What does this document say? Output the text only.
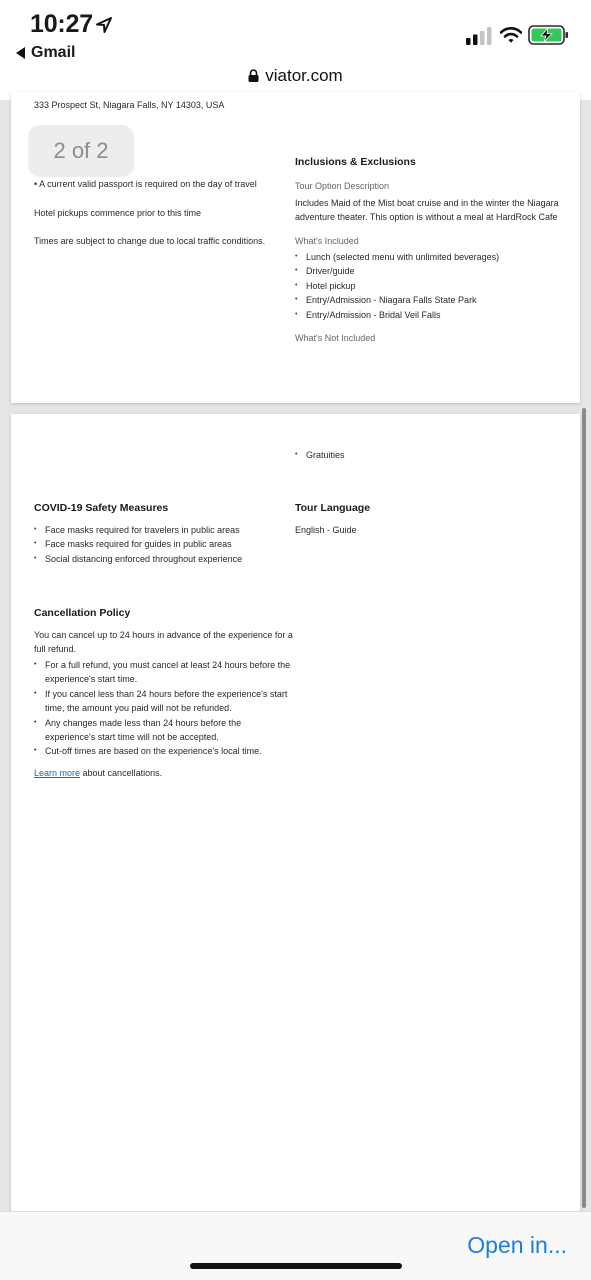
10:27
Gmail
viator.com
333 Prospect St, Niagara Falls, NY 14303, USA
• A current valid passport is required on the day of travel
Hotel pickups commence prior to this time
Times are subject to change due to local traffic conditions.
Inclusions & Exclusions
Tour Option Description
Includes Maid of the Mist boat cruise and in the winter the Niagara
adventure theater. This option is without a meal at HardRock Cafe
What's Included
• Lunch (selected menu with unlimited beverages)
• Driver/guide
• Hotel pickup
• Entry/Admission - Niagara Falls State Park
• Entry/Admission - Bridal Veil Falls
What's Not Included
2 of 2
• Gratuities
COVID-19 Safety Measures
• Face masks required for travelers in public areas
• Face masks required for guides in public areas
• Social distancing enforced throughout experience
Tour Language
English - Guide
Cancellation Policy
You can cancel up to 24 hours in advance of the experience for a
full refund.
• For a full refund, you must cancel at least 24 hours before the
experience's start time.
• If you cancel less than 24 hours before the experience's start
time, the amount you paid will not be refunded.
• Any changes made less than 24 hours before the
experience's start time will not be accepted.
• Cut-off times are based on the experience's local time.
Learn more about cancellations.
Open in...
